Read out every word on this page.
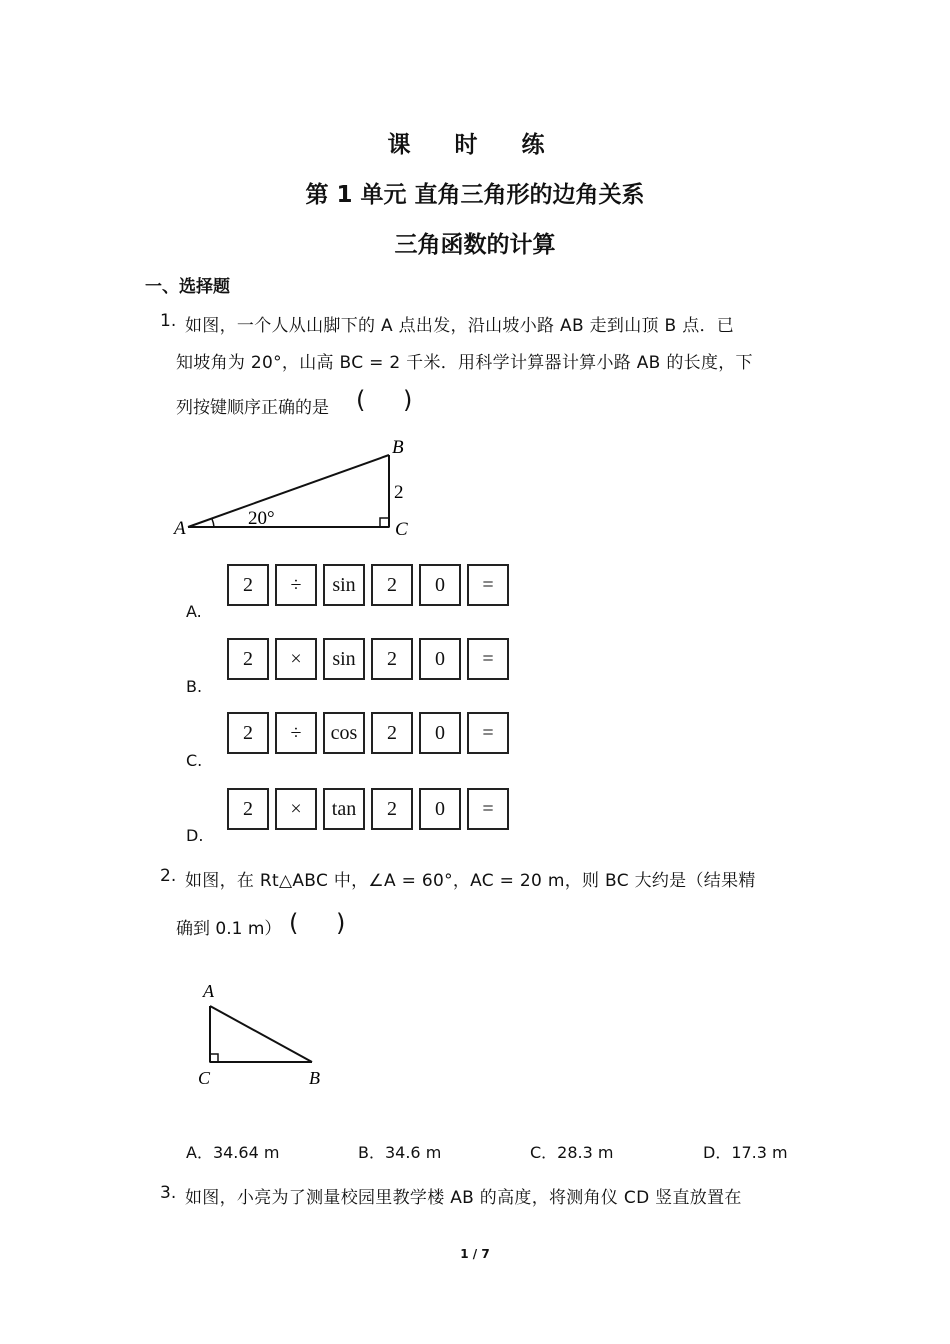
课 时 练
第 1 单元 直角三角形的边角关系
三角函数的计算
一、选择题
1. 如图，一个人从山脚下的 A 点出发，沿山坡小路 AB 走到山顶 B 点．已
知坡角为 20°，山高 BC = 2 千米．用科学计算器计算小路 AB 的长度，下
列按键顺序正确的是 ( )
A
B
C
2
20°
A.
2	÷	sin	2	0	=
B.
2	×	sin	2	0	=
C.
2	÷	cos	2	0	=
D.
2	×	tan	2	0	=
2. 如图，在 Rt△ABC 中，∠A = 60°，AC = 20 m，则 BC 大约是（结果精
确到 0.1 m） ( )
A
C	B
A．34.64 m	B．34.6 m	C．28.3 m	D．17.3 m
3. 如图，小亮为了测量校园里教学楼 AB 的高度，将测角仪 CD 竖直放置在
1 / 7
